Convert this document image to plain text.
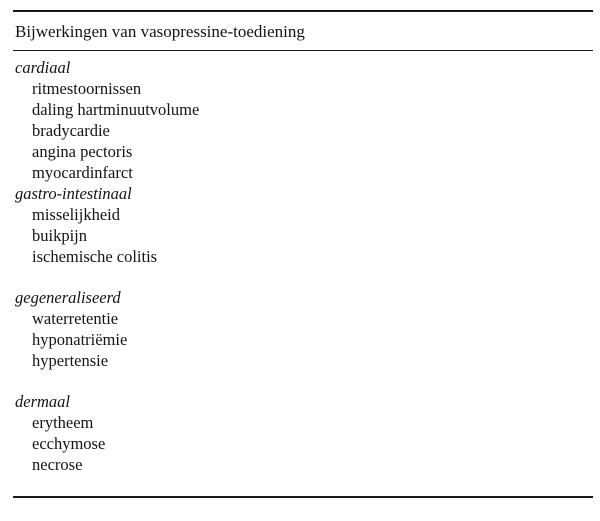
Bijwerkingen van vasopressine-toediening
cardiaal
ritmestoornissen
daling hartminuutvolume
bradycardie
angina pectoris
myocardinfarct
gastro-intestinaal
misselijkheid
buikpijn
ischemische colitis
gegeneraliseerd
waterretentie
hyponatriëmie
hypertensie
dermaal
erytheem
ecchymose
necrose
